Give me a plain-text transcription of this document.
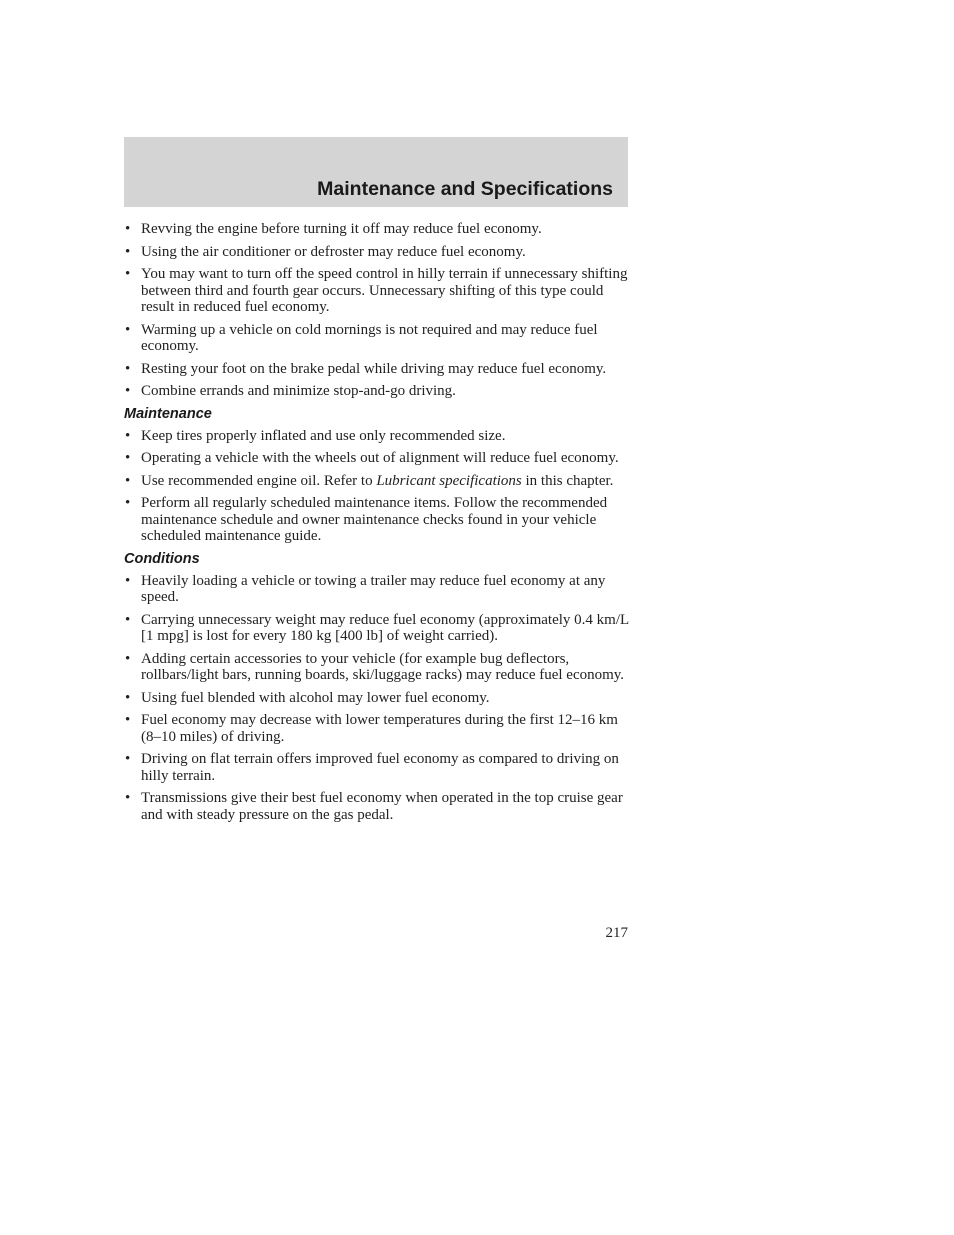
Maintenance and Specifications
• Revving the engine before turning it off may reduce fuel economy.
• Using the air conditioner or defroster may reduce fuel economy.
• You may want to turn off the speed control in hilly terrain if unnecessary shifting between third and fourth gear occurs. Unnecessary shifting of this type could result in reduced fuel economy.
• Warming up a vehicle on cold mornings is not required and may reduce fuel economy.
• Resting your foot on the brake pedal while driving may reduce fuel economy.
• Combine errands and minimize stop-and-go driving.
Maintenance
• Keep tires properly inflated and use only recommended size.
• Operating a vehicle with the wheels out of alignment will reduce fuel economy.
• Use recommended engine oil. Refer to Lubricant specifications in this chapter.
• Perform all regularly scheduled maintenance items. Follow the recommended maintenance schedule and owner maintenance checks found in your vehicle scheduled maintenance guide.
Conditions
• Heavily loading a vehicle or towing a trailer may reduce fuel economy at any speed.
• Carrying unnecessary weight may reduce fuel economy (approximately 0.4 km/L [1 mpg] is lost for every 180 kg [400 lb] of weight carried).
• Adding certain accessories to your vehicle (for example bug deflectors, rollbars/light bars, running boards, ski/luggage racks) may reduce fuel economy.
• Using fuel blended with alcohol may lower fuel economy.
• Fuel economy may decrease with lower temperatures during the first 12–16 km (8–10 miles) of driving.
• Driving on flat terrain offers improved fuel economy as compared to driving on hilly terrain.
• Transmissions give their best fuel economy when operated in the top cruise gear and with steady pressure on the gas pedal.
217
